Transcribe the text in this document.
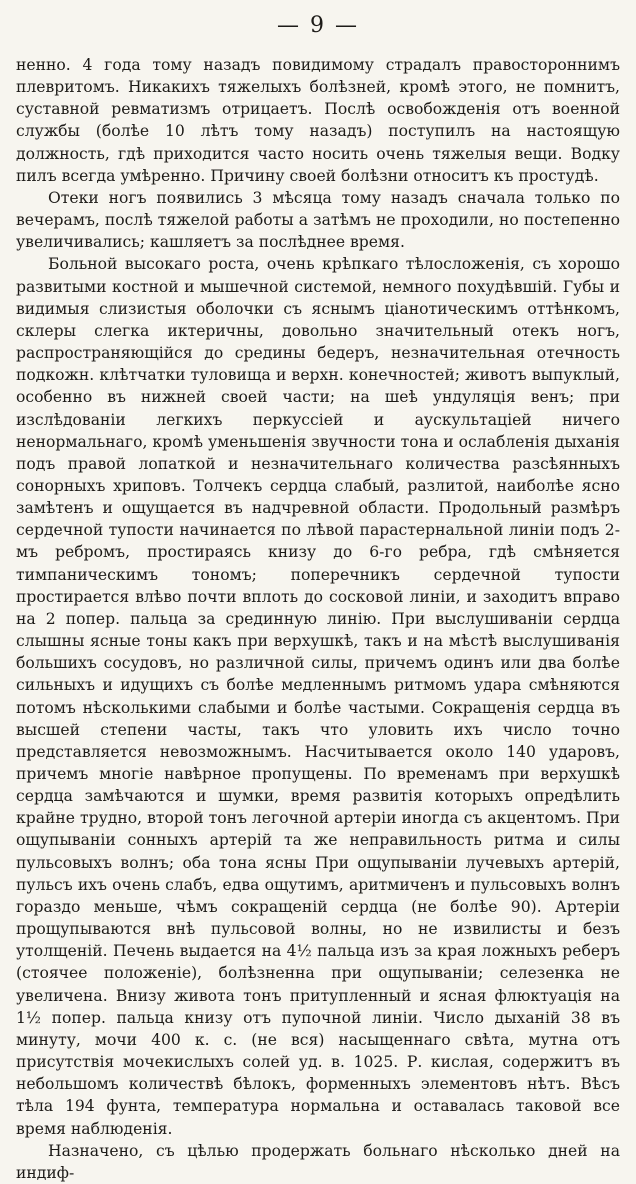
— 9 —

ненно. 4 года тому назадъ повидимому страдалъ правостороннимъ плевритомъ. Никакихъ тяжелыхъ болѣзней, кромѣ этого, не помнитъ, суставной ревматизмъ отрицаетъ. Послѣ освобожденія отъ военной службы (болѣе 10 лѣтъ тому назадъ) поступилъ на настоящую должность, гдѣ приходится часто носить очень тяжелыя вещи. Водку пилъ всегда умѣренно. Причину своей болѣзни относитъ къ простудѣ.

Отеки ногъ появились 3 мѣсяца тому назадъ сначала только по вечерамъ, послѣ тяжелой работы а затѣмъ не проходили, но постепенно увеличивались; кашляетъ за послѣднее время.

Больной высокаго роста, очень крѣпкаго тѣлосложенія, съ хорошо развитыми костной и мышечной системой, немного похудѣвшій. Губы и видимыя слизистыя оболочки съ яснымъ ціанотическимъ оттѣнкомъ, склеры слегка иктеричны, довольно значительный отекъ ногъ, распространяющійся до средины бедеръ, незначительная отечность подкожн. клѣтчатки туловища и верхн. конечностей; животъ выпуклый, особенно въ нижней своей части; на шеѣ ундуляція венъ; при изслѣдованіи легкихъ перкуссіей и аускультаціей ничего ненормальнаго, кромѣ уменьшенія звучности тона и ослабленія дыханія подъ правой лопаткой и незначительнаго количества разсѣянныхъ сонорныхъ хриповъ. Толчекъ сердца слабый, разлитой, наиболѣе ясно замѣтенъ и ощущается въ надчревной области. Продольный размѣръ сердечной тупости начинается по лѣвой парастернальной линіи подъ 2-мъ ребромъ, простираясь книзу до 6-го ребра, гдѣ смѣняется тимпаническимъ тономъ; поперечникъ сердечной тупости простирается влѣво почти вплоть до сосковой линіи, и заходитъ вправо на 2 попер. пальца за срединную линію. При выслушиваніи сердца слышны ясные тоны какъ при верхушкѣ, такъ и на мѣстѣ выслушиванія большихъ сосудовъ, но различной силы, причемъ одинъ или два болѣе сильныхъ и идущихъ съ болѣе медленнымъ ритмомъ удара смѣняются потомъ нѣсколькими слабыми и болѣе частыми. Сокращенія сердца въ высшей степени часты, такъ что уловить ихъ число точно представляется невозможнымъ. Насчитывается около 140 ударовъ, причемъ многіе навѣрное пропущены. По временамъ при верхушкѣ сердца замѣчаются и шумки, время развитія которыхъ опредѣлить крайне трудно, второй тонъ легочной артеріи иногда съ акцентомъ. При ощупываніи сонныхъ артерій та же неправильность ритма и силы пульсовыхъ волнъ; оба тона ясны При ощупываніи лучевыхъ артерій, пульсъ ихъ очень слабъ, едва ощутимъ, аритмиченъ и пульсовыхъ волнъ гораздо меньше, чѣмъ сокращеній сердца (не болѣе 90). Артеріи прощупываются внѣ пульсовой волны, но не извилисты и безъ утолщеній. Печень выдается на 4½ пальца изъ за края ложныхъ реберъ (стоячее положеніе), болѣзненна при ощупываніи; селезенка не увеличена. Внизу живота тонъ притупленный и ясная флюктуація на 1½ попер. пальца книзу отъ пупочной линіи. Число дыханій 38 въ минуту, мочи 400 к. с. (не вся) насыщеннаго свѣта, мутна отъ присутствія мочекислыхъ солей уд. в. 1025. Р. кислая, содержитъ въ небольшомъ количествѣ бѣлокъ, форменныхъ элементовъ нѣтъ. Вѣсъ тѣла 194 фунта, температура нормальна и оставалась таковой все время наблюденія.

Назначено, съ цѣлью продержать больнаго нѣсколько дней на индиф-
